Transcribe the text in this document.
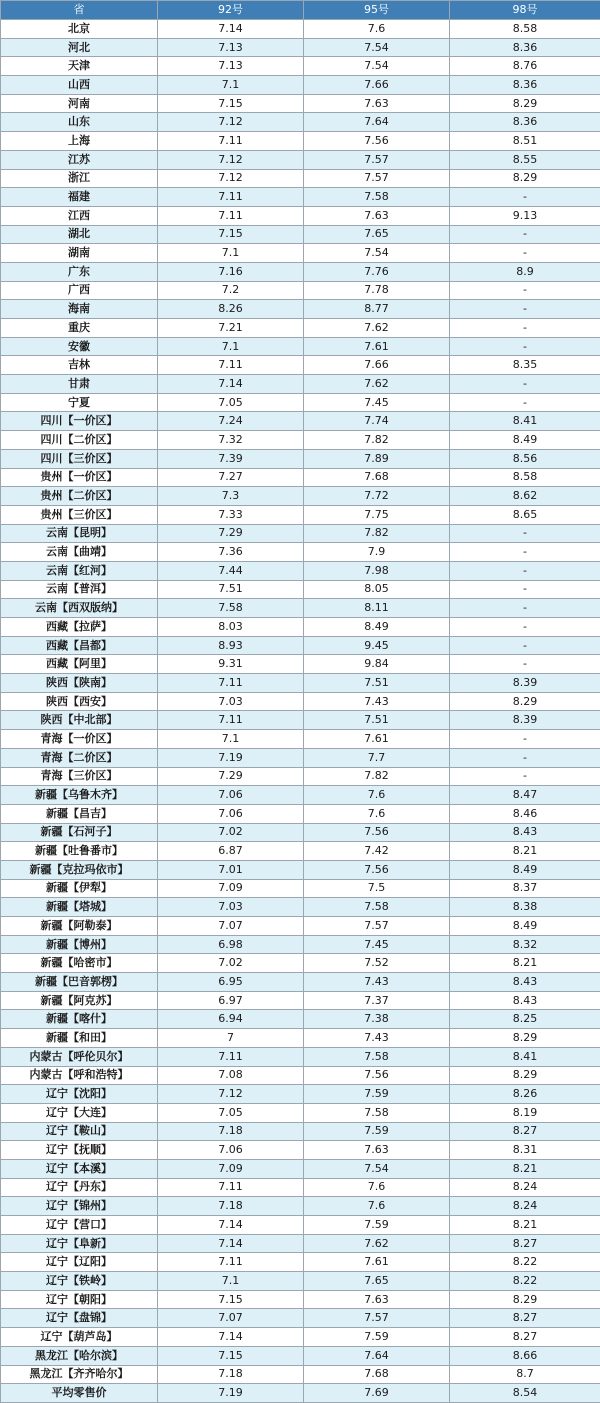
省	92号	95号	98号	
北京	7.14	7.6	8.58	
河北	7.13	7.54	8.36	
天津	7.13	7.54	8.76	
山西	7.1	7.66	8.36	
河南	7.15	7.63	8.29	
山东	7.12	7.64	8.36	
上海	7.11	7.56	8.51	
江苏	7.12	7.57	8.55	
浙江	7.12	7.57	8.29	
福建	7.11	7.58	-	
江西	7.11	7.63	9.13	
湖北	7.15	7.65	-	
湖南	7.1	7.54	-	
广东	7.16	7.76	8.9	
广西	7.2	7.78	-	
海南	8.26	8.77	-	
重庆	7.21	7.62	-	
安徽	7.1	7.61	-	
吉林	7.11	7.66	8.35	
甘肃	7.14	7.62	-	
宁夏	7.05	7.45	-	
四川【一价区】	7.24	7.74	8.41	
四川【二价区】	7.32	7.82	8.49	
四川【三价区】	7.39	7.89	8.56	
贵州【一价区】	7.27	7.68	8.58	
贵州【二价区】	7.3	7.72	8.62	
贵州【三价区】	7.33	7.75	8.65	
云南【昆明】	7.29	7.82	-	
云南【曲靖】	7.36	7.9	-	
云南【红河】	7.44	7.98	-	
云南【普洱】	7.51	8.05	-	
云南【西双版纳】	7.58	8.11	-	
西藏【拉萨】	8.03	8.49	-	
西藏【昌都】	8.93	9.45	-	
西藏【阿里】	9.31	9.84	-	
陕西【陕南】	7.11	7.51	8.39	
陕西【西安】	7.03	7.43	8.29	
陕西【中北部】	7.11	7.51	8.39	
青海【一价区】	7.1	7.61	-	
青海【二价区】	7.19	7.7	-	
青海【三价区】	7.29	7.82	-	
新疆【乌鲁木齐】	7.06	7.6	8.47	
新疆【昌吉】	7.06	7.6	8.46	
新疆【石河子】	7.02	7.56	8.43	
新疆【吐鲁番市】	6.87	7.42	8.21	
新疆【克拉玛依市】	7.01	7.56	8.49	
新疆【伊犁】	7.09	7.5	8.37	
新疆【塔城】	7.03	7.58	8.38	
新疆【阿勒泰】	7.07	7.57	8.49	
新疆【博州】	6.98	7.45	8.32	
新疆【哈密市】	7.02	7.52	8.21	
新疆【巴音郭楞】	6.95	7.43	8.43	
新疆【阿克苏】	6.97	7.37	8.43	
新疆【喀什】	6.94	7.38	8.25	
新疆【和田】	7	7.43	8.29	
内蒙古【呼伦贝尔】	7.11	7.58	8.41	
内蒙古【呼和浩特】	7.08	7.56	8.29	
辽宁【沈阳】	7.12	7.59	8.26	
辽宁【大连】	7.05	7.58	8.19	
辽宁【鞍山】	7.18	7.59	8.27	
辽宁【抚顺】	7.06	7.63	8.31	
辽宁【本溪】	7.09	7.54	8.21	
辽宁【丹东】	7.11	7.6	8.24	
辽宁【锦州】	7.18	7.6	8.24	
辽宁【营口】	7.14	7.59	8.21	
辽宁【阜新】	7.14	7.62	8.27	
辽宁【辽阳】	7.11	7.61	8.22	
辽宁【铁岭】	7.1	7.65	8.22	
辽宁【朝阳】	7.15	7.63	8.29	
辽宁【盘锦】	7.07	7.57	8.27	
辽宁【葫芦岛】	7.14	7.59	8.27	
黑龙江【哈尔滨】	7.15	7.64	8.66	
黑龙江【齐齐哈尔】	7.18	7.68	8.7	
平均零售价	7.19	7.69	8.54	
